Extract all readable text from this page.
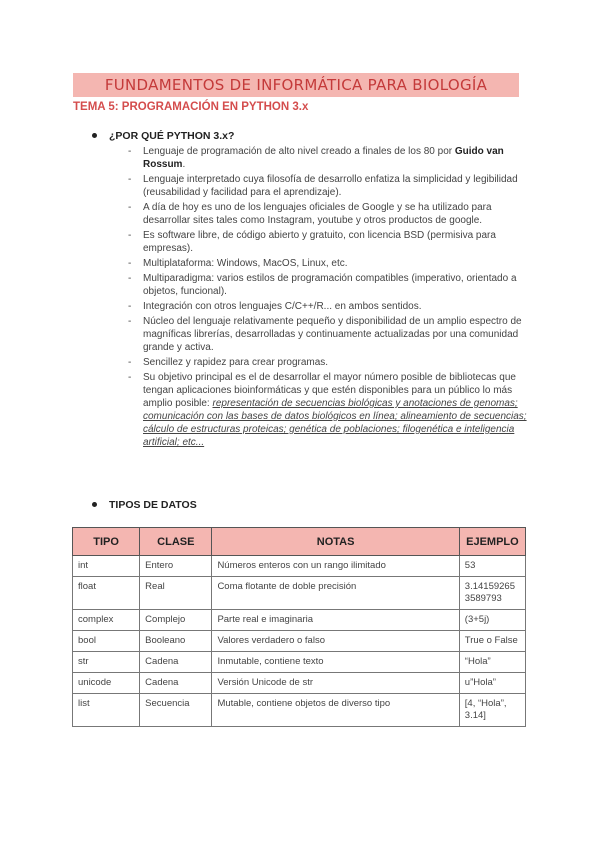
FUNDAMENTOS DE INFORMÁTICA PARA BIOLOGÍA
TEMA 5: PROGRAMACIÓN EN PYTHON 3.x
¿POR QUÉ PYTHON 3.x?
- Lenguaje de programación de alto nivel creado a finales de los 80 por Guido van Rossum.
- Lenguaje interpretado cuya filosofía de desarrollo enfatiza la simplicidad y legibilidad (reusabilidad y facilidad para el aprendizaje).
- A día de hoy es uno de los lenguajes oficiales de Google y se ha utilizado para desarrollar sites tales como Instagram, youtube y otros productos de google.
- Es software libre, de código abierto y gratuito, con licencia BSD (permisiva para empresas).
- Multiplataforma: Windows, MacOS, Linux, etc.
- Multiparadigma: varios estilos de programación compatibles (imperativo, orientado a objetos, funcional).
- Integración con otros lenguajes C/C++/R... en ambos sentidos.
- Núcleo del lenguaje relativamente pequeño y disponibilidad de un amplio espectro de magníficas librerías, desarrolladas y continuamente actualizadas por una comunidad grande y activa.
- Sencillez y rapidez para crear programas.
- Su objetivo principal es el de desarrollar el mayor número posible de bibliotecas que tengan aplicaciones bioinformáticas y que estén disponibles para un público lo más amplio posible: representación de secuencias biológicas y anotaciones de genomas; comunicación con las bases de datos biológicos en línea; alineamiento de secuencias; cálculo de estructuras proteicas; genética de poblaciones; filogenética e inteligencia artificial; etc...
TIPOS DE DATOS
TIPO	CLASE	NOTAS	EJEMPLO
int	Entero	Números enteros con un rango ilimitado	53
float	Real	Coma flotante de doble precisión	3.141592653589793
complex	Complejo	Parte real e imaginaria	(3+5j)
bool	Booleano	Valores verdadero o falso	True o False
str	Cadena	Inmutable, contiene texto	“Hola”
unicode	Cadena	Versión Unicode de str	u”Hola”
list	Secuencia	Mutable, contiene objetos de diverso tipo	[4, “Hola”, 3.14]
